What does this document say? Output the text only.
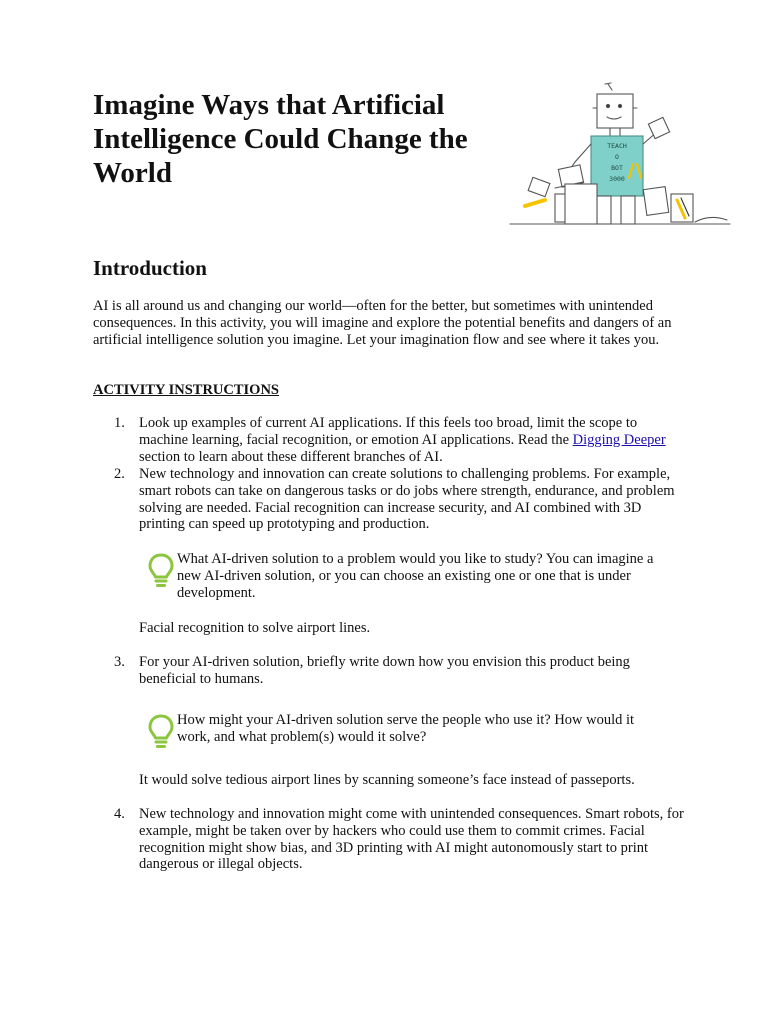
Imagine Ways that Artificial Intelligence Could Change the World
TEACH
O
BOT
3000
Introduction

AI is all around us and changing our world—often for the better, but sometimes with unintended consequences. In this activity, you will imagine and explore the potential benefits and dangers of an artificial intelligence solution you imagine. Let your imagination flow and see where it takes you.

ACTIVITY INSTRUCTIONS

1. Look up examples of current AI applications. If this feels too broad, limit the scope to machine learning, facial recognition, or emotion AI applications. Read the Digging Deeper section to learn about these different branches of AI.
2. New technology and innovation can create solutions to challenging problems. For example, smart robots can take on dangerous tasks or do jobs where strength, endurance, and problem solving are needed. Facial recognition can increase security, and AI combined with 3D printing can speed up prototyping and production.
What AI-driven solution to a problem would you like to study? You can imagine a new AI-driven solution, or you can choose an existing one or one that is under development.

Facial recognition to solve airport lines.

3. For your AI-driven solution, briefly write down how you envision this product being beneficial to humans.
How might your AI-driven solution serve the people who use it? How would it work, and what problem(s) would it solve?

It would solve tedious airport lines by scanning someone’s face instead of passeports.

4. New technology and innovation might come with unintended consequences. Smart robots, for example, might be taken over by hackers who could use them to commit crimes. Facial recognition might show bias, and 3D printing with AI might autonomously start to print dangerous or illegal objects.
